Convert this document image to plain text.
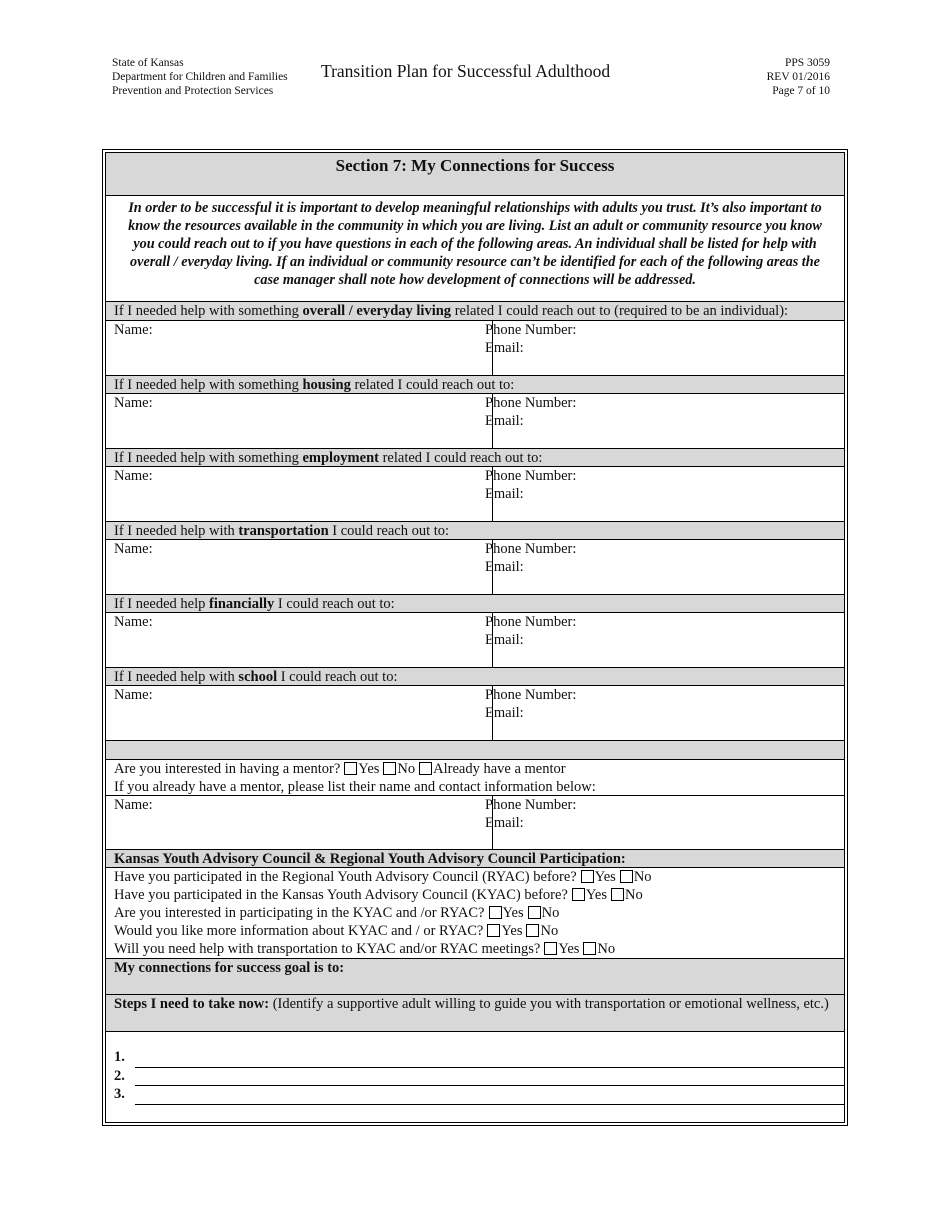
State of Kansas
Department for Children and Families
Prevention and Protection Services
Transition Plan for Successful Adulthood	PPS 3059
REV 01/2016
Page 7 of 10
Section 7: My Connections for Success
In order to be successful it is important to develop meaningful relationships with adults you trust. It’s also important to know the resources available in the community in which you are living. List an adult or community resource you know you could reach out to if you have questions in each of the following areas. An individual shall be listed for help with overall / everyday living. If an individual or community resource can’t be identified for each of the following areas the case manager shall note how development of connections will be addressed.
If I needed help with something overall / everyday living related I could reach out to (required to be an individual):
Name:	Phone Number:
Email:
If I needed help with something housing related I could reach out to:
Name:	Phone Number:
Email:
If I needed help with something employment related I could reach out to:
Name:	Phone Number:
Email:
If I needed help with transportation I could reach out to:
Name:	Phone Number:
Email:
If I needed help financially I could reach out to:
Name:	Phone Number:
Email:
If I needed help with school I could reach out to:
Name:	Phone Number:
Email:
Are you interested in having a mentor? Yes No Already have a mentor
If you already have a mentor, please list their name and contact information below:
Name:	Phone Number:
Email:
Kansas Youth Advisory Council & Regional Youth Advisory Council Participation:
Have you participated in the Regional Youth Advisory Council (RYAC) before? Yes No
Have you participated in the Kansas Youth Advisory Council (KYAC) before? Yes No
Are you interested in participating in the KYAC and /or RYAC? Yes No
Would you like more information about KYAC and / or RYAC? Yes No
Will you need help with transportation to KYAC and/or RYAC meetings? Yes No
My connections for success goal is to:
Steps I need to take now: (Identify a supportive adult willing to guide you with transportation or emotional wellness, etc.)
1.
2.
3.
